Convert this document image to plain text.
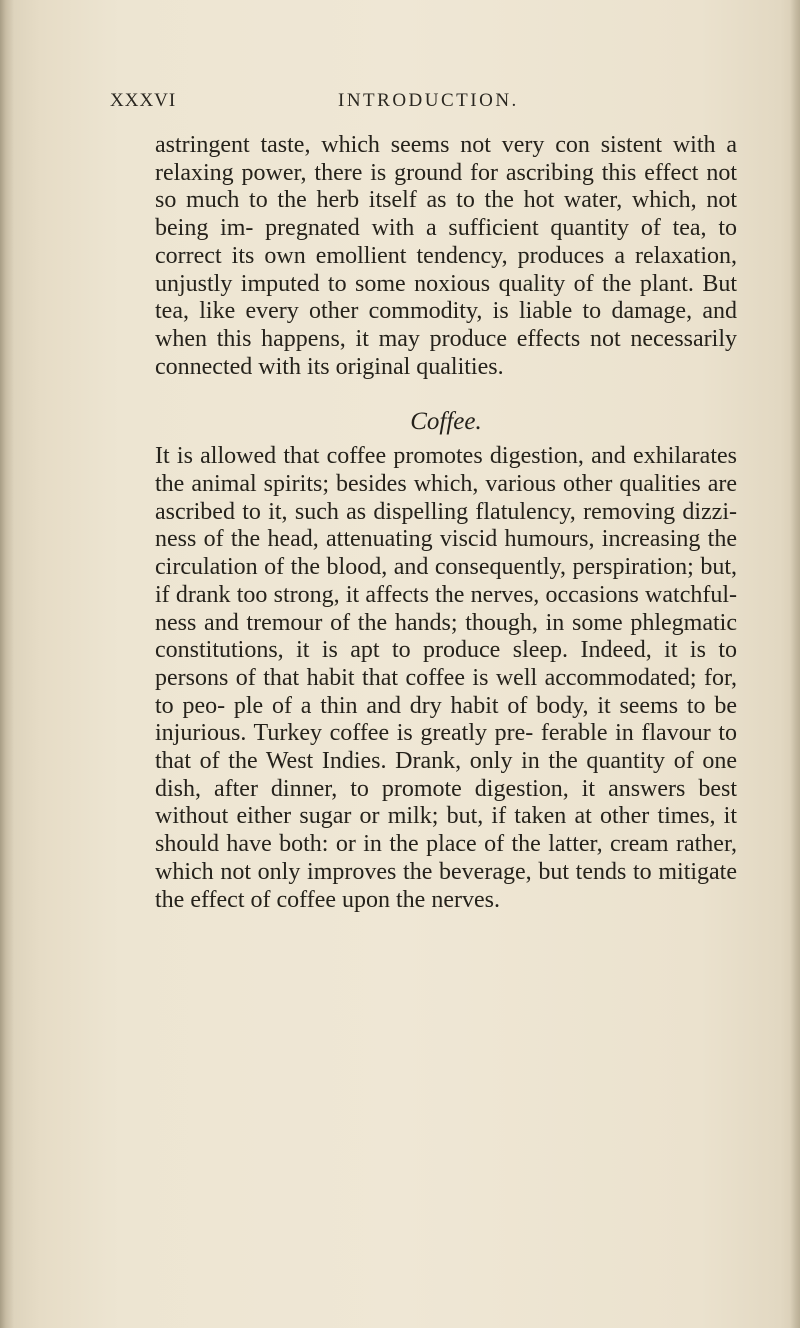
XXXVI	INTRODUCTION.

astringent taste, which seems not very con sistent with a relaxing power, there is ground for ascribing this effect not so much to the herb itself as to the hot water, which, not being im- pregnated with a sufficient quantity of tea, to correct its own emollient tendency, produces a relaxation, unjustly imputed to some noxious quality of the plant. But tea, like every other commodity, is liable to damage, and when this happens, it may produce effects not necessarily connected with its original qualities.

Coffee.

It is allowed that coffee promotes digestion, and exhilarates the animal spirits; besides which, various other qualities are ascribed to it, such as dispelling flatulency, removing dizzi- ness of the head, attenuating viscid humours, increasing the circulation of the blood, and consequently, perspiration; but, if drank too strong, it affects the nerves, occasions watchful- ness and tremour of the hands; though, in some phlegmatic constitutions, it is apt to produce sleep. Indeed, it is to persons of that habit that coffee is well accommodated; for, to peo- ple of a thin and dry habit of body, it seems to be injurious. Turkey coffee is greatly pre- ferable in flavour to that of the West Indies. Drank, only in the quantity of one dish, after dinner, to promote digestion, it answers best without either sugar or milk; but, if taken at other times, it should have both: or in the place of the latter, cream rather, which not only improves the beverage, but tends to mitigate the effect of coffee upon the nerves.
